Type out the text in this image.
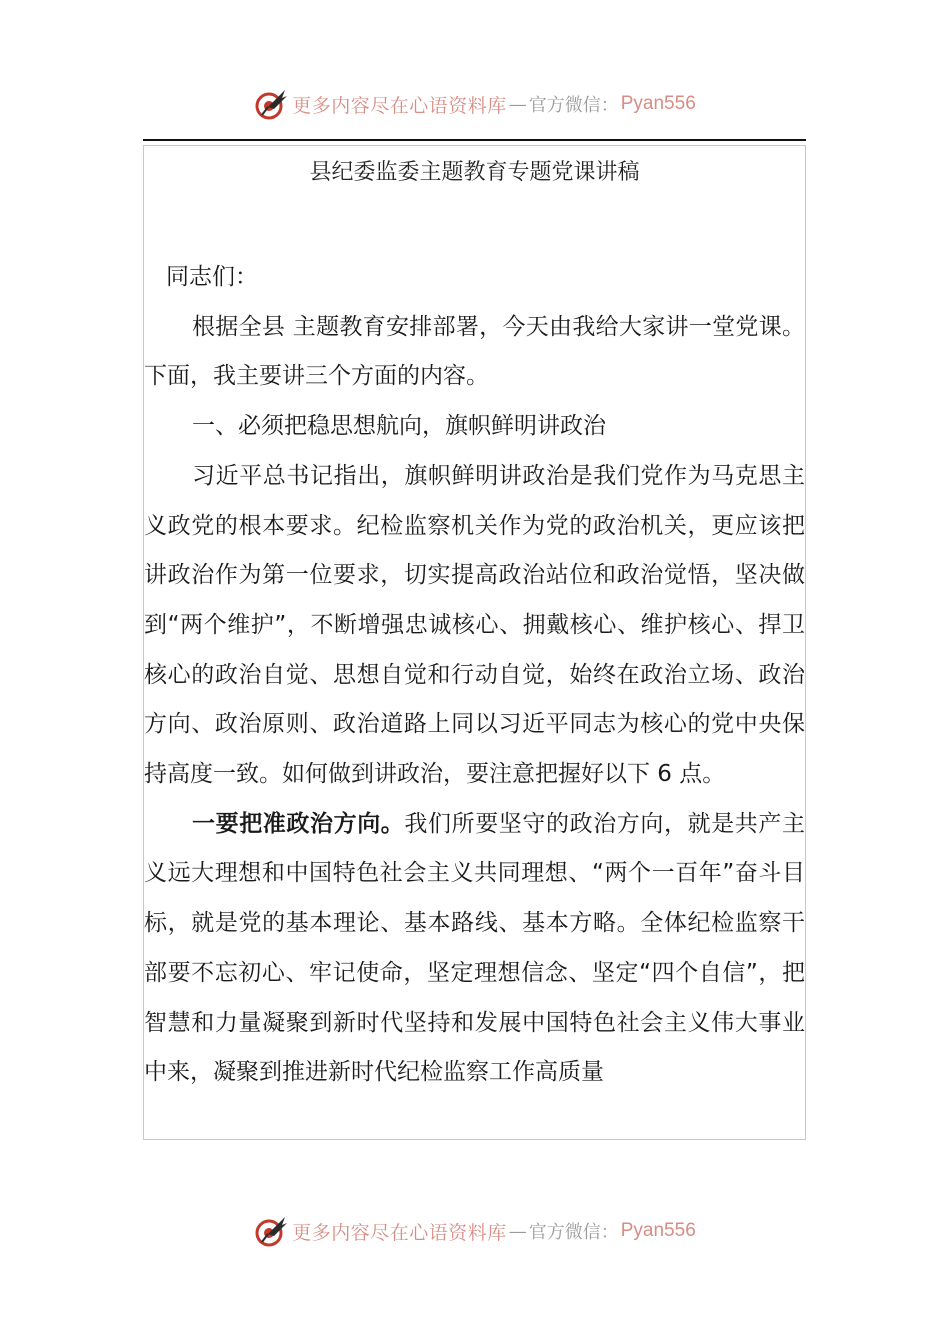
更多内容尽在心语资料库 — 官方微信： Pyan556
县纪委监委主题教育专题党课讲稿

同志们：

根据全县 主题教育安排部署，今天由我给大家讲一堂党课。下面，我主要讲三个方面的内容。

一、必须把稳思想航向，旗帜鲜明讲政治

习近平总书记指出，旗帜鲜明讲政治是我们党作为马克思主义政党的根本要求。纪检监察机关作为党的政治机关，更应该把讲政治作为第一位要求，切实提高政治站位和政治觉悟，坚决做到“两个维护”，不断增强忠诚核心、拥戴核心、维护核心、捍卫核心的政治自觉、思想自觉和行动自觉，始终在政治立场、政治方向、政治原则、政治道路上同以习近平同志为核心的党中央保持高度一致。如何做到讲政治，要注意把握好以下 6 点。

一要把准政治方向。我们所要坚守的政治方向，就是共产主义远大理想和中国特色社会主义共同理想、“两个一百年”奋斗目标，就是党的基本理论、基本路线、基本方略。全体纪检监察干部要不忘初心、牢记使命，坚定理想信念、坚定“四个自信”，把智慧和力量凝聚到新时代坚持和发展中国特色社会主义伟大事业中来，凝聚到推进新时代纪检监察工作高质量

更多内容尽在心语资料库 — 官方微信： Pyan556
